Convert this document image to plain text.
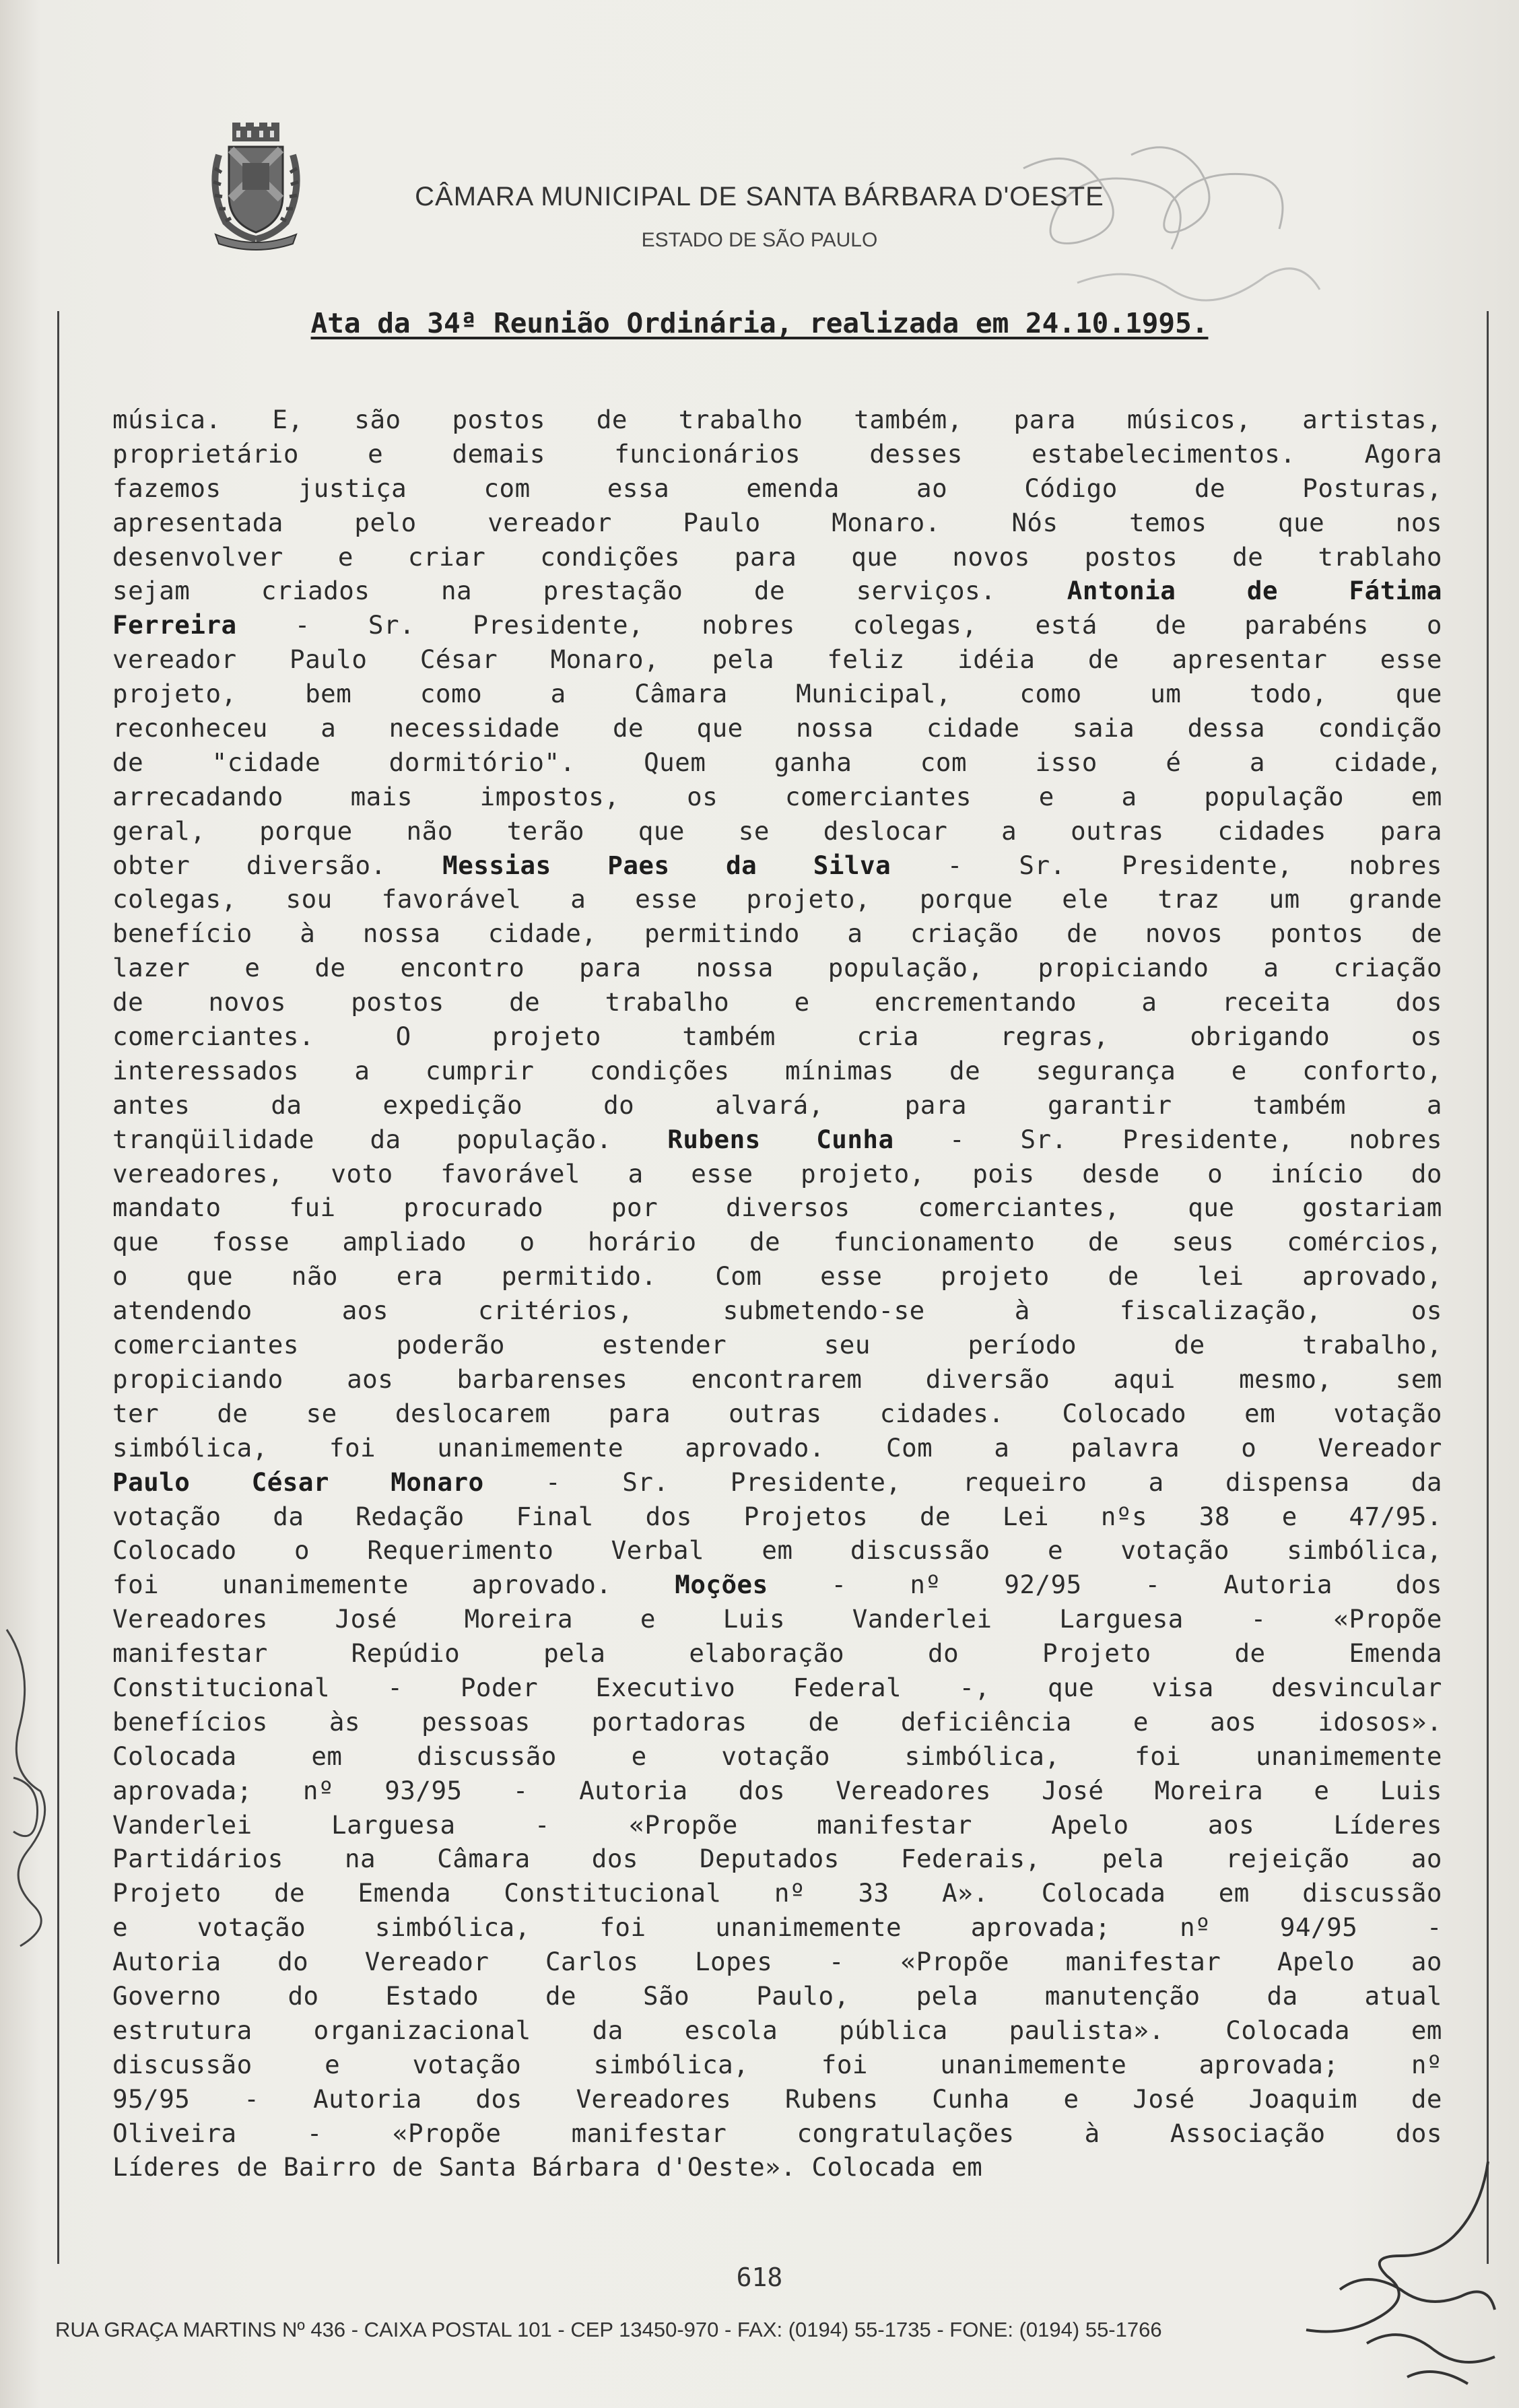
CÂMARA MUNICIPAL DE SANTA BÁRBARA D'OESTE
ESTADO DE SÃO PAULO
Ata da 34ª Reunião Ordinária, realizada em 24.10.1995.
música. E, são postos de trabalho também, para músicos, artistas,
proprietário e demais funcionários desses estabelecimentos. Agora
fazemos justiça com essa emenda ao Código de Posturas,
apresentada pelo vereador Paulo Monaro. Nós temos que nos
desenvolver e criar condições para que novos postos de trablaho
sejam criados na prestação de serviços. Antonia de Fátima
Ferreira - Sr. Presidente, nobres colegas, está de parabéns o
vereador Paulo César Monaro, pela feliz idéia de apresentar esse
projeto, bem como a Câmara Municipal, como um todo, que
reconheceu a necessidade de que nossa cidade saia dessa condição
de "cidade dormitório". Quem ganha com isso é a cidade,
arrecadando mais impostos, os comerciantes e a população em
geral, porque não terão que se deslocar a outras cidades para
obter diversão. Messias Paes da Silva - Sr. Presidente, nobres
colegas, sou favorável a esse projeto, porque ele traz um grande
benefício à nossa cidade, permitindo a criação de novos pontos de
lazer e de encontro para nossa população, propiciando a criação
de novos postos de trabalho e encrementando a receita dos
comerciantes. O projeto também cria regras, obrigando os
interessados a cumprir condições mínimas de segurança e conforto,
antes da expedição do alvará, para garantir também a
tranqüilidade da população. Rubens Cunha - Sr. Presidente, nobres
vereadores, voto favorável a esse projeto, pois desde o início do
mandato fui procurado por diversos comerciantes, que gostariam
que fosse ampliado o horário de funcionamento de seus comércios,
o que não era permitido. Com esse projeto de lei aprovado,
atendendo aos critérios, submetendo-se à fiscalização, os
comerciantes poderão estender seu período de trabalho,
propiciando aos barbarenses encontrarem diversão aqui mesmo, sem
ter de se deslocarem para outras cidades. Colocado em votação
simbólica, foi unanimemente aprovado. Com a palavra o Vereador
Paulo César Monaro - Sr. Presidente, requeiro a dispensa da
votação da Redação Final dos Projetos de Lei nºs 38 e 47/95.
Colocado o Requerimento Verbal em discussão e votação simbólica,
foi unanimemente aprovado. Moções - nº 92/95 - Autoria dos
Vereadores José Moreira e Luis Vanderlei Larguesa - «Propõe
manifestar Repúdio pela elaboração do Projeto de Emenda
Constitucional - Poder Executivo Federal -, que visa desvincular
benefícios às pessoas portadoras de deficiência e aos idosos».
Colocada em discussão e votação simbólica, foi unanimemente
aprovada; nº 93/95 - Autoria dos Vereadores José Moreira e Luis
Vanderlei Larguesa - «Propõe manifestar Apelo aos Líderes
Partidários na Câmara dos Deputados Federais, pela rejeição ao
Projeto de Emenda Constitucional nº 33 A». Colocada em discussão
e votação simbólica, foi unanimemente aprovada; nº 94/95 -
Autoria do Vereador Carlos Lopes - «Propõe manifestar Apelo ao
Governo do Estado de São Paulo, pela manutenção da atual
estrutura organizacional da escola pública paulista». Colocada em
discussão e votação simbólica, foi unanimemente aprovada; nº
95/95 - Autoria dos Vereadores Rubens Cunha e José Joaquim de
Oliveira - «Propõe manifestar congratulações à Associação dos
Líderes de Bairro de Santa Bárbara d'Oeste». Colocada em
618
RUA GRAÇA MARTINS Nº 436 - CAIXA POSTAL 101 - CEP 13450-970 - FAX: (0194) 55-1735 - FONE: (0194) 55-1766
